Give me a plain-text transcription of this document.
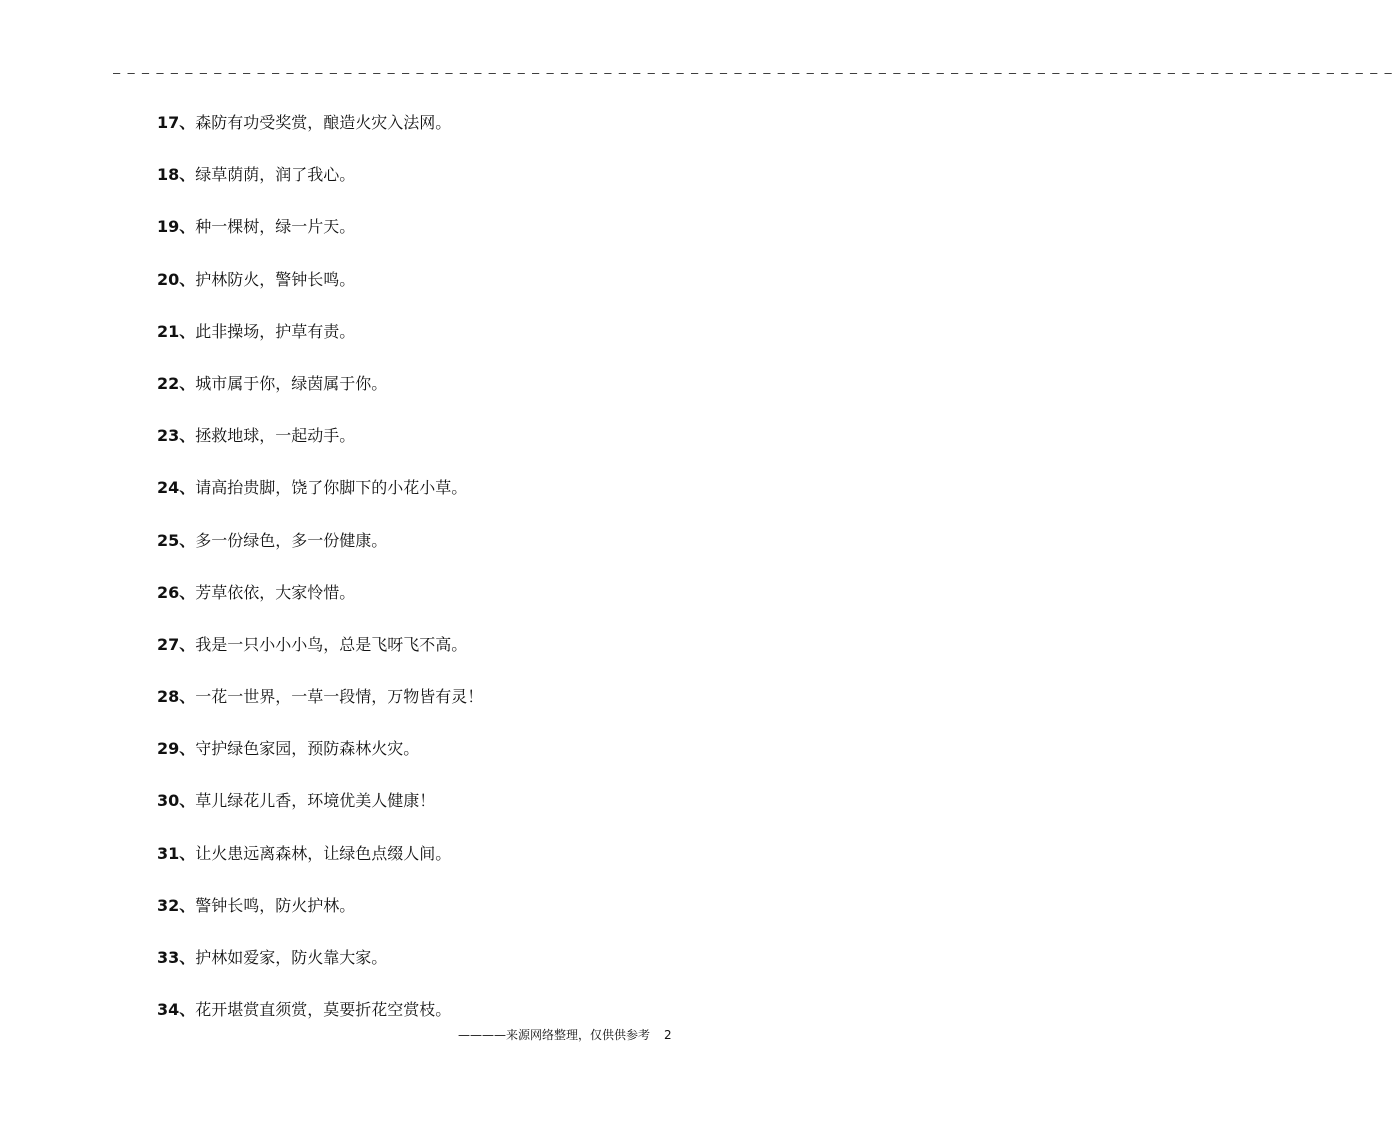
– – – – – – – – – – – – – – – – – – – – – – – – – – – – – – – – – – – – – – – – – – – – – – – – – – – – – – – – – – – – – – – – – – – – – – – – – – – – – – – – – – – – – – – – –
17、森防有功受奖赏，酿造火灾入法网。
18、绿草荫荫，润了我心。
19、种一棵树，绿一片天。
20、护林防火，警钟长鸣。
21、此非操场，护草有责。
22、城市属于你，绿茵属于你。
23、拯救地球，一起动手。
24、请高抬贵脚，饶了你脚下的小花小草。
25、多一份绿色，多一份健康。
26、芳草依依，大家怜惜。
27、我是一只小小小鸟，总是飞呀飞不高。
28、一花一世界，一草一段情，万物皆有灵！
29、守护绿色家园，预防森林火灾。
30、草儿绿花儿香，环境优美人健康！
31、让火患远离森林，让绿色点缀人间。
32、警钟长鸣，防火护林。
33、护林如爱家，防火靠大家。
34、花开堪赏直须赏，莫要折花空赏枝。
————来源网络整理，仅供供参考 2
